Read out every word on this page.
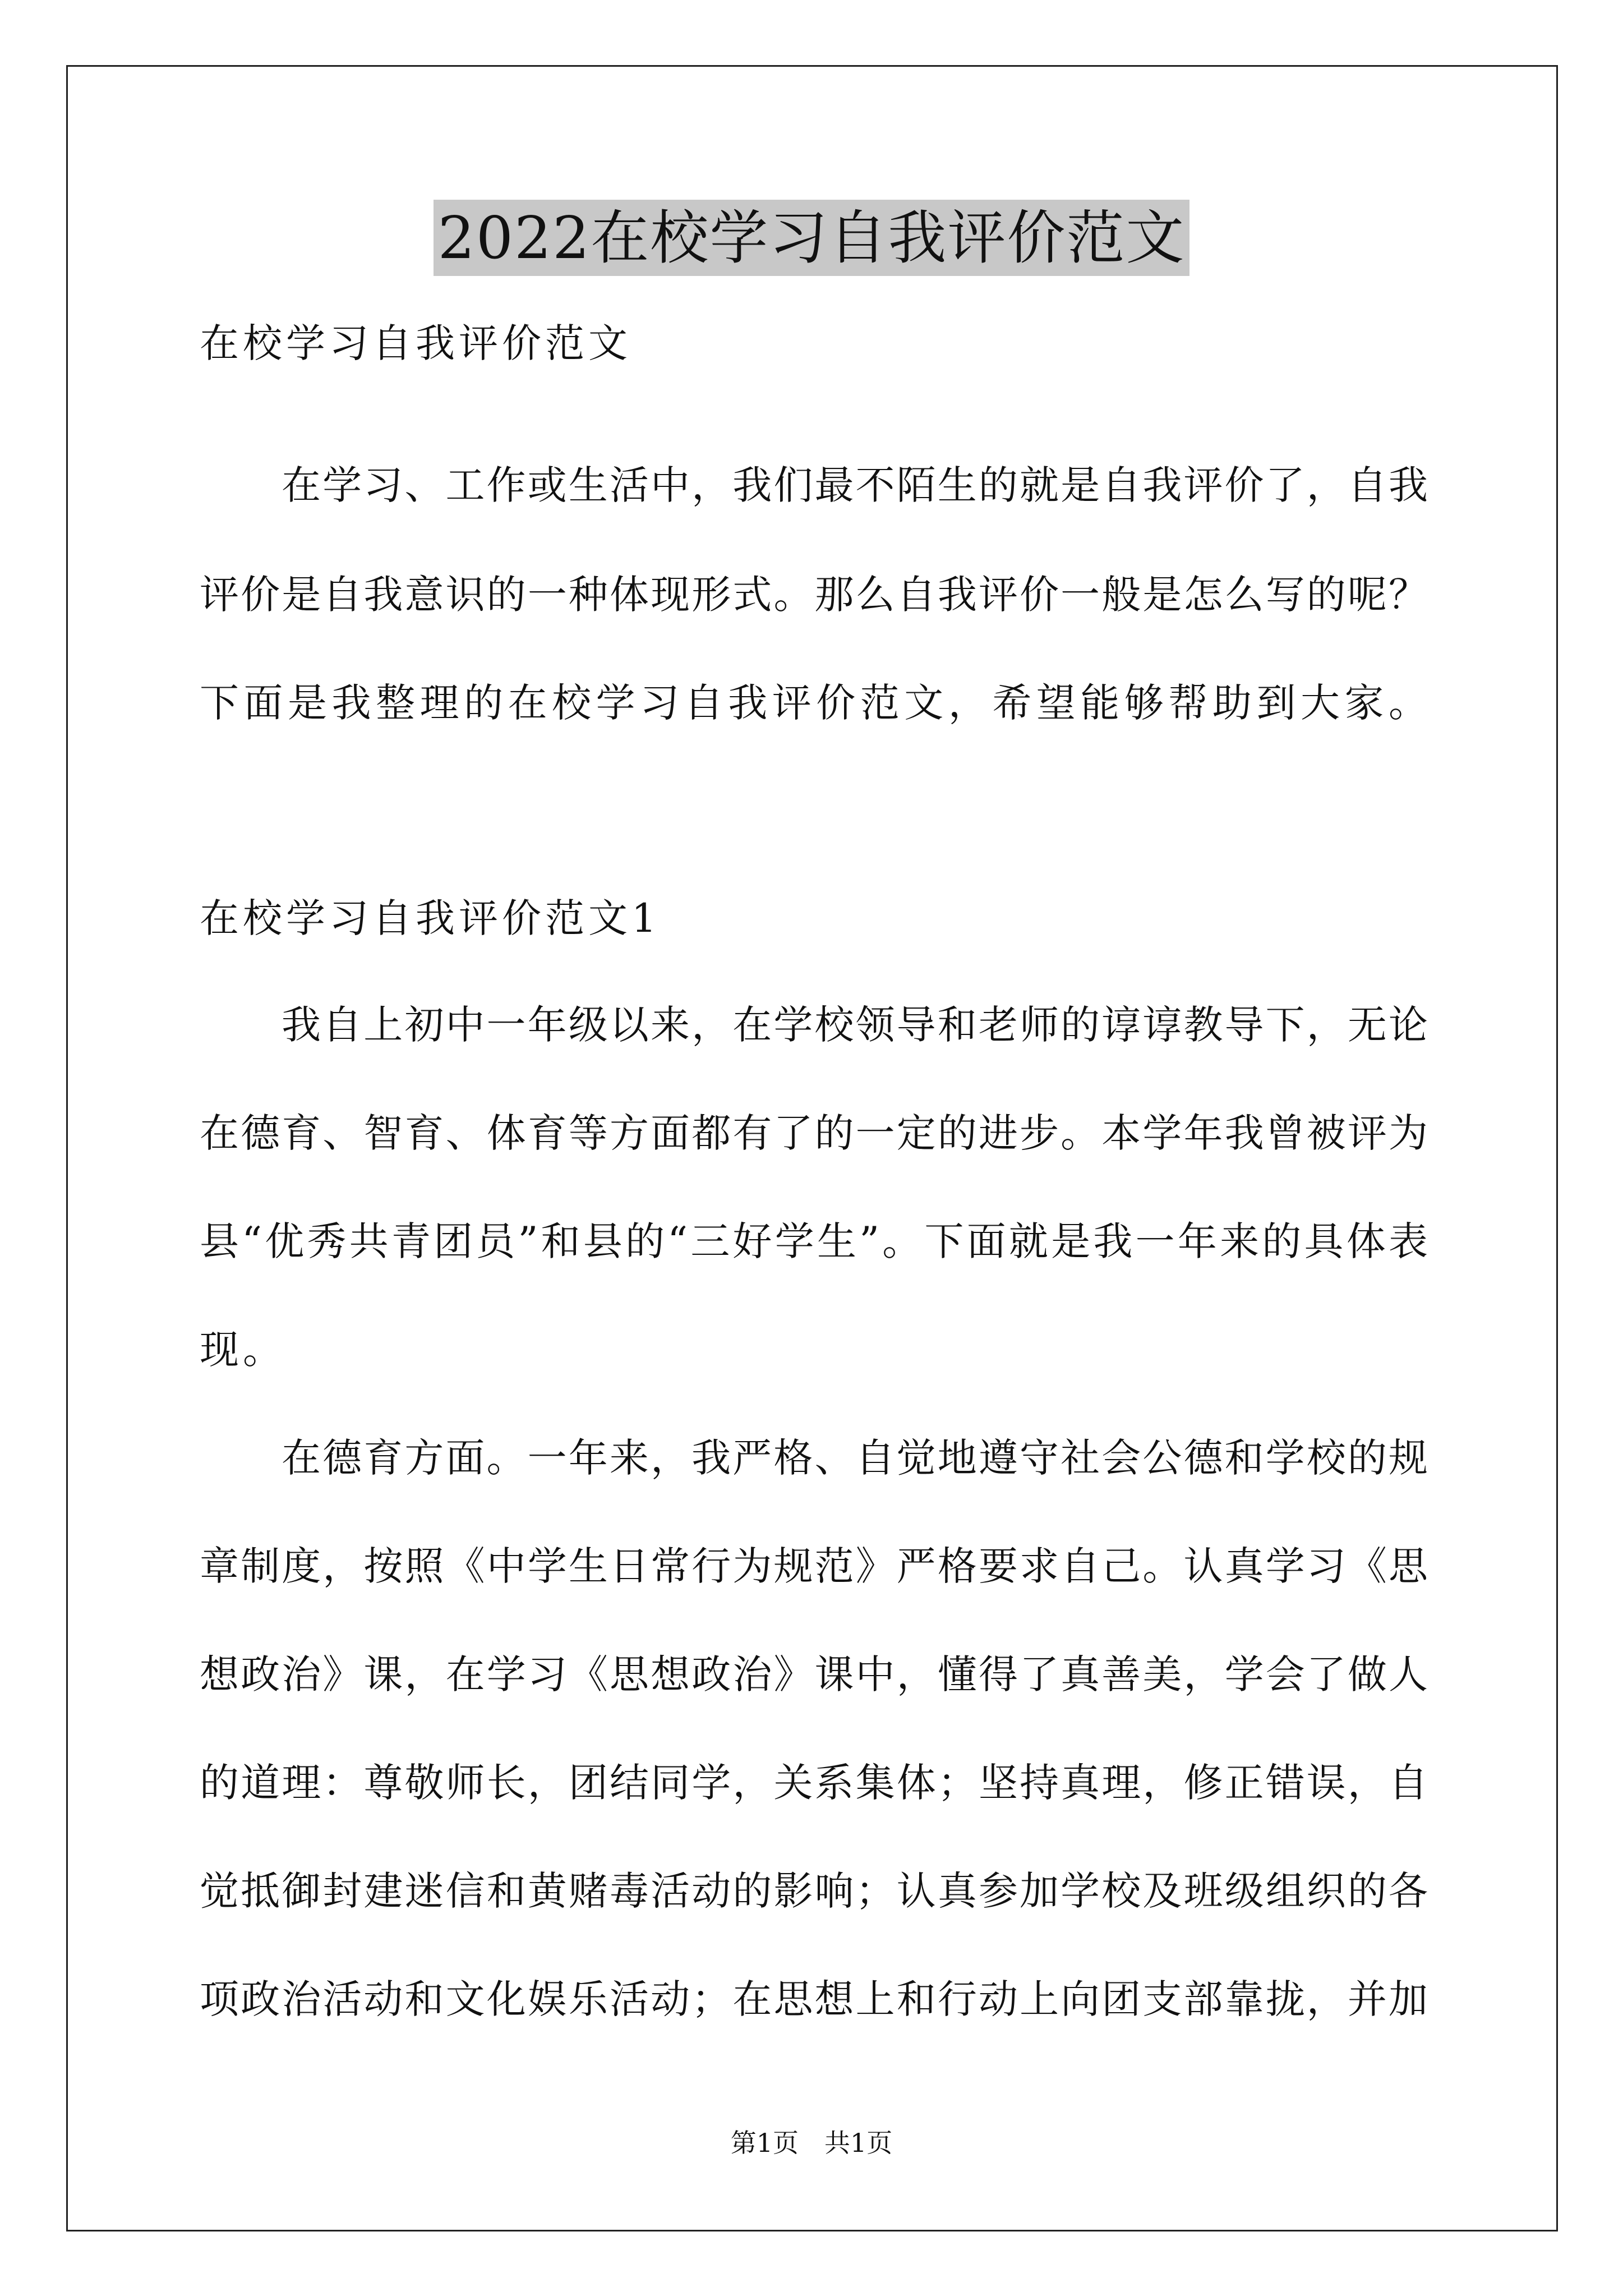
2022在校学习自我评价范文
在校学习自我评价范文
在学习、工作或生活中，我们最不陌生的就是自我评价了，自我
评价是自我意识的一种体现形式。那么自我评价一般是怎么写的呢？
下面是我整理的在校学习自我评价范文，希望能够帮助到大家。
在校学习自我评价范文1
我自上初中一年级以来，在学校领导和老师的谆谆教导下，无论
在德育、智育、体育等方面都有了的一定的进步。本学年我曾被评为
县“优秀共青团员”和县的“三好学生”。下面就是我一年来的具体表
现。
在德育方面。一年来，我严格、自觉地遵守社会公德和学校的规
章制度，按照《中学生日常行为规范》严格要求自己。认真学习《思
想政治》课，在学习《思想政治》课中，懂得了真善美，学会了做人
的道理：尊敬师长，团结同学，关系集体；坚持真理，修正错误，自
觉抵御封建迷信和黄赌毒活动的影响；认真参加学校及班级组织的各
项政治活动和文化娱乐活动；在思想上和行动上向团支部靠拢，并加
第1页　共1页
